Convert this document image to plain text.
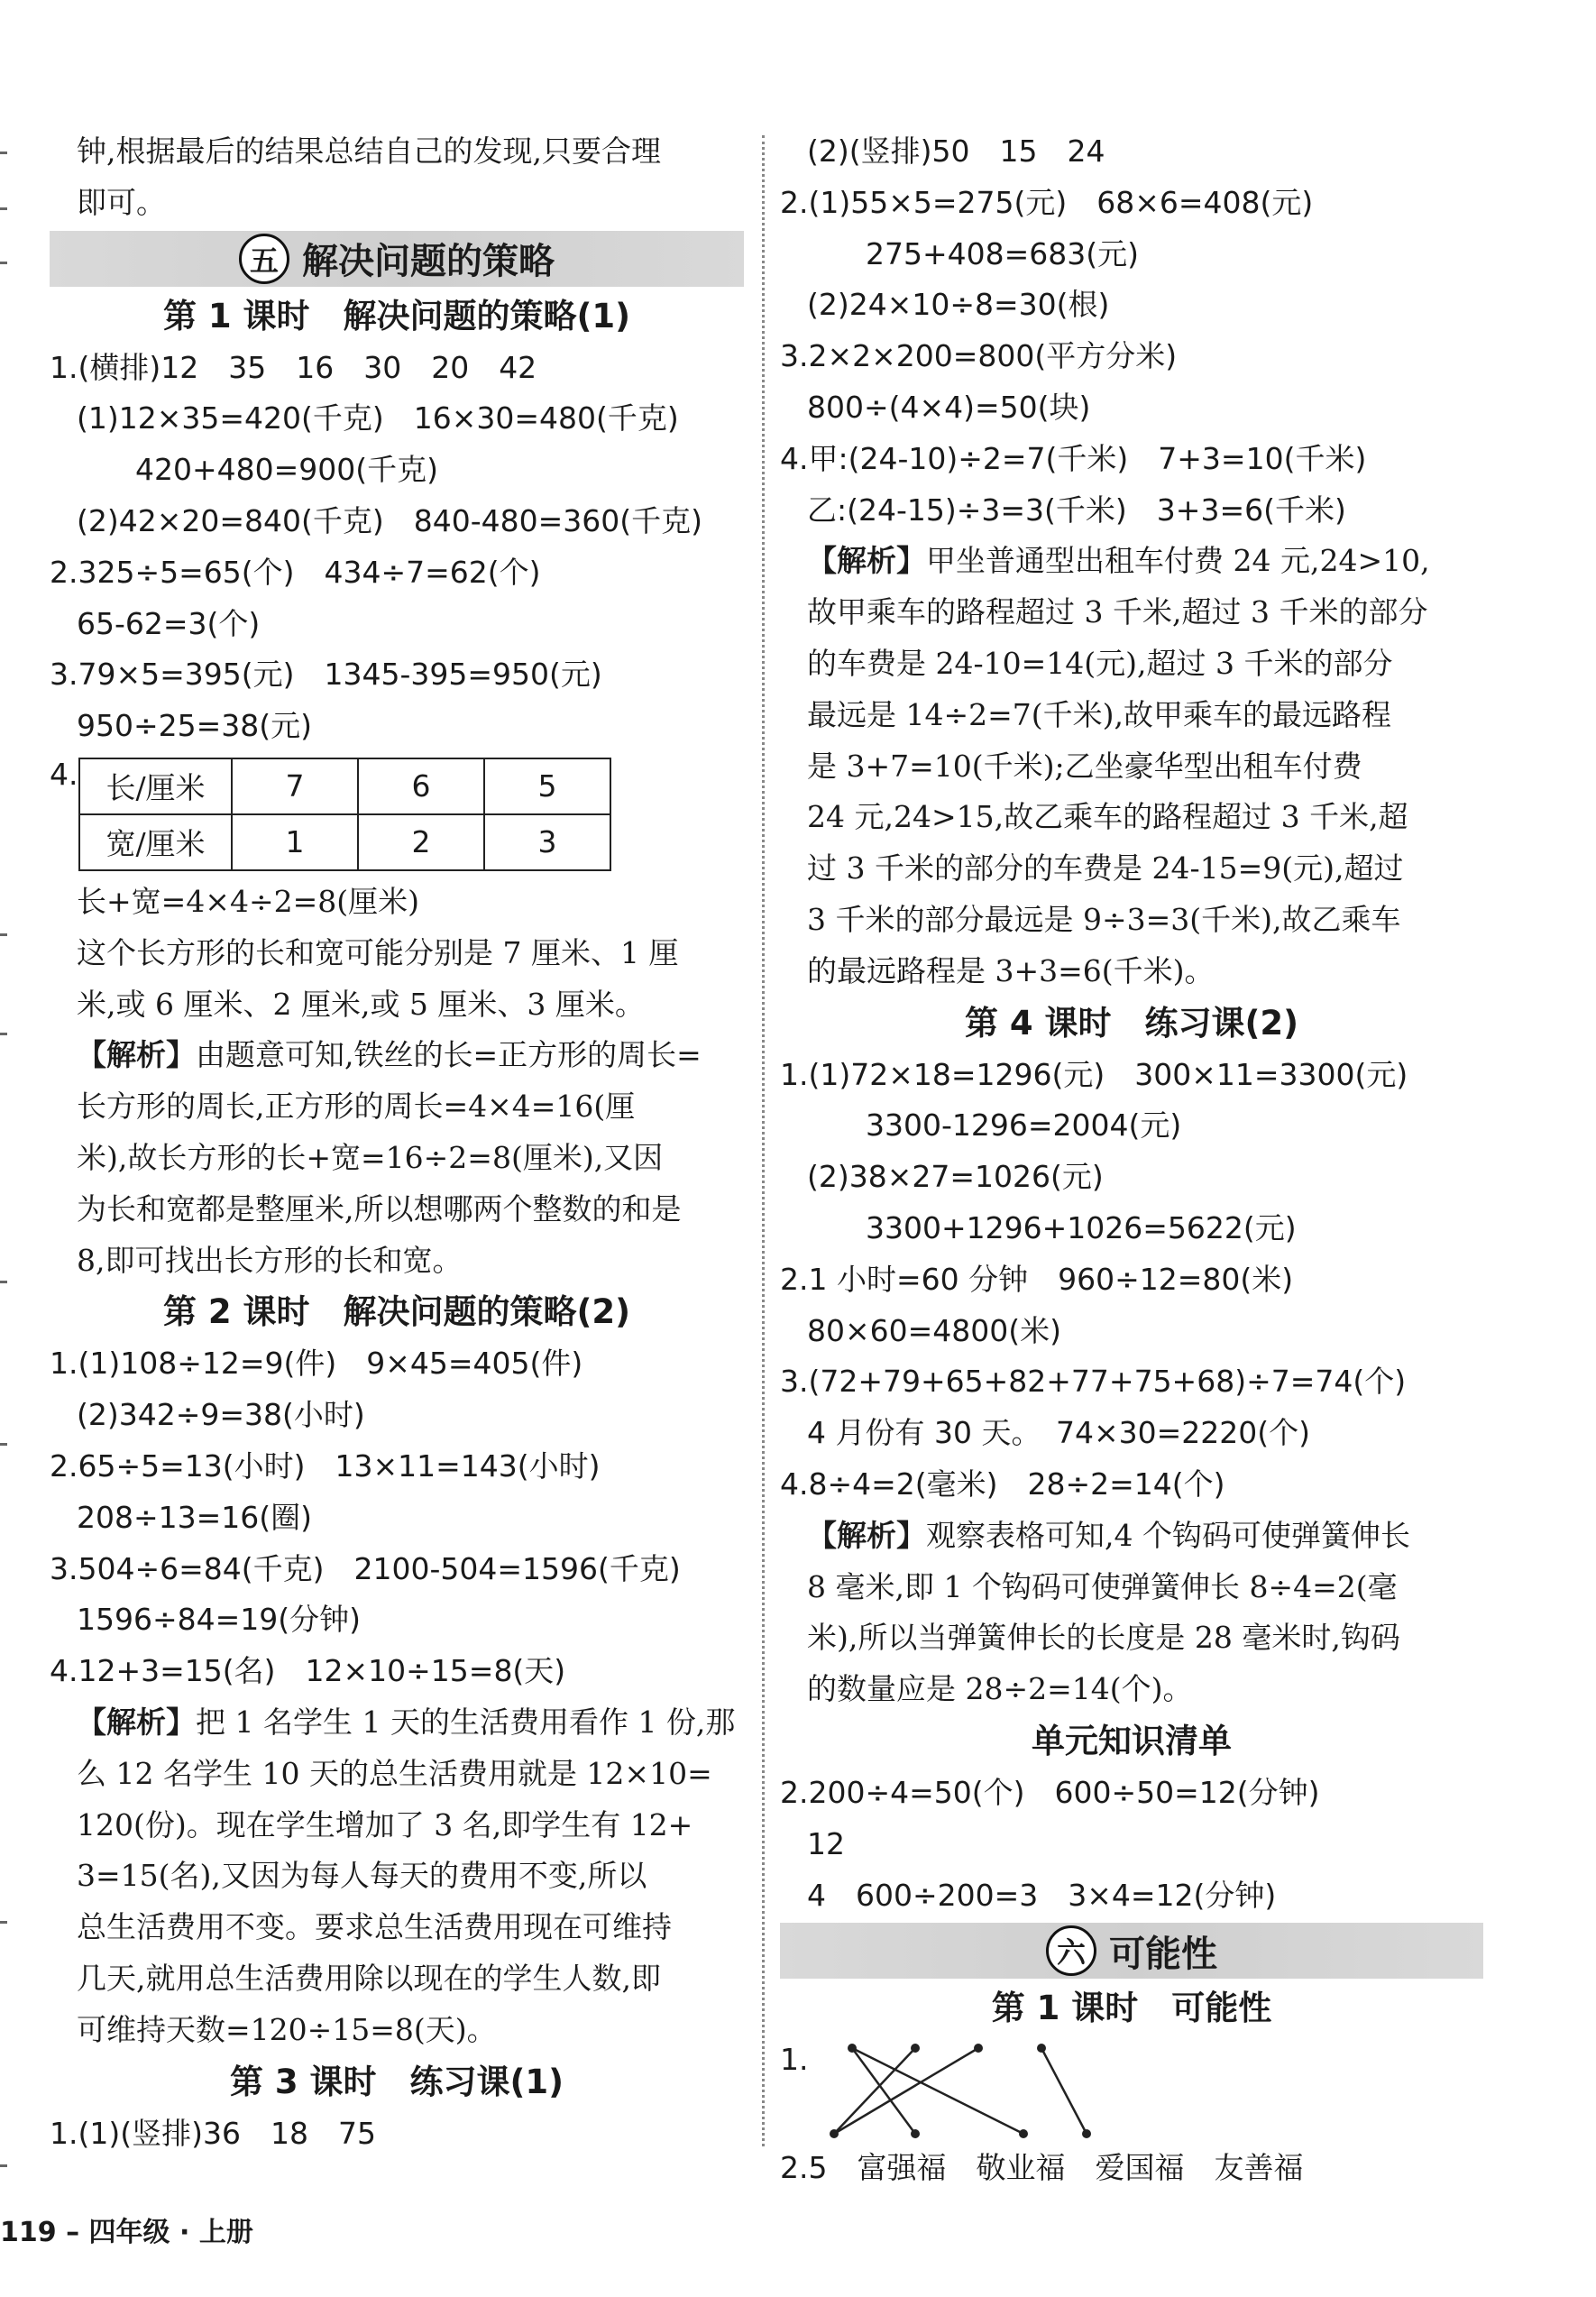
钟,根据最后的结果总结自己的发现,只要合理
即可。
五 解决问题的策略
第 1 课时　解决问题的策略(1)
1.(横排)12　35　16　30　20　42
(1)12×35=420(千克)　16×30=480(千克)
420+480=900(千克)
(2)42×20=840(千克)　840-480=360(千克)
2.325÷5=65(个)　434÷7=62(个)
65-62=3(个)
3.79×5=395(元)　1345-395=950(元)
950÷25=38(元)
4. 长/厘米	7	6	5
宽/厘米	1	2	3
长+宽=4×4÷2=8(厘米)
这个长方形的长和宽可能分别是 7 厘米、1 厘
米,或 6 厘米、2 厘米,或 5 厘米、3 厘米。
【解析】由题意可知,铁丝的长=正方形的周长=
长方形的周长,正方形的周长=4×4=16(厘
米),故长方形的长+宽=16÷2=8(厘米),又因
为长和宽都是整厘米,所以想哪两个整数的和是
8,即可找出长方形的长和宽。
第 2 课时　解决问题的策略(2)
1.(1)108÷12=9(件)　9×45=405(件)
(2)342÷9=38(小时)
2.65÷5=13(小时)　13×11=143(小时)
208÷13=16(圈)
3.504÷6=84(千克)　2100-504=1596(千克)
1596÷84=19(分钟)
4.12+3=15(名)　12×10÷15=8(天)
【解析】把 1 名学生 1 天的生活费用看作 1 份,那
么 12 名学生 10 天的总生活费用就是 12×10=
120(份)。现在学生增加了 3 名,即学生有 12+
3=15(名),又因为每人每天的费用不变,所以
总生活费用不变。要求总生活费用现在可维持
几天,就用总生活费用除以现在的学生人数,即
可维持天数=120÷15=8(天)。
第 3 课时　练习课(1)
1.(1)(竖排)36　18　75
(2)(竖排)50　15　24
2.(1)55×5=275(元)　68×6=408(元)
275+408=683(元)
(2)24×10÷8=30(根)
3.2×2×200=800(平方分米)
800÷(4×4)=50(块)
4.甲:(24-10)÷2=7(千米)　7+3=10(千米)
乙:(24-15)÷3=3(千米)　3+3=6(千米)
【解析】甲坐普通型出租车付费 24 元,24>10,
故甲乘车的路程超过 3 千米,超过 3 千米的部分
的车费是 24-10=14(元),超过 3 千米的部分
最远是 14÷2=7(千米),故甲乘车的最远路程
是 3+7=10(千米);乙坐豪华型出租车付费
24 元,24>15,故乙乘车的路程超过 3 千米,超
过 3 千米的部分的车费是 24-15=9(元),超过
3 千米的部分最远是 9÷3=3(千米),故乙乘车
的最远路程是 3+3=6(千米)。
第 4 课时　练习课(2)
1.(1)72×18=1296(元)　300×11=3300(元)
3300-1296=2004(元)
(2)38×27=1026(元)
3300+1296+1026=5622(元)
2.1 小时=60 分钟　960÷12=80(米)
80×60=4800(米)
3.(72+79+65+82+77+75+68)÷7=74(个)
4 月份有 30 天。　74×30=2220(个)
4.8÷4=2(毫米)　28÷2=14(个)
【解析】观察表格可知,4 个钩码可使弹簧伸长
8 毫米,即 1 个钩码可使弹簧伸长 8÷4=2(毫
米),所以当弹簧伸长的长度是 28 毫米时,钩码
的数量应是 28÷2=14(个)。
单元知识清单
2.200÷4=50(个)　600÷50=12(分钟)
12
4　600÷200=3　3×4=12(分钟)
六 可能性
第 1 课时　可能性
1.
2.5　富强福　敬业福　爱国福　友善福
119 – 四年级 · 上册
